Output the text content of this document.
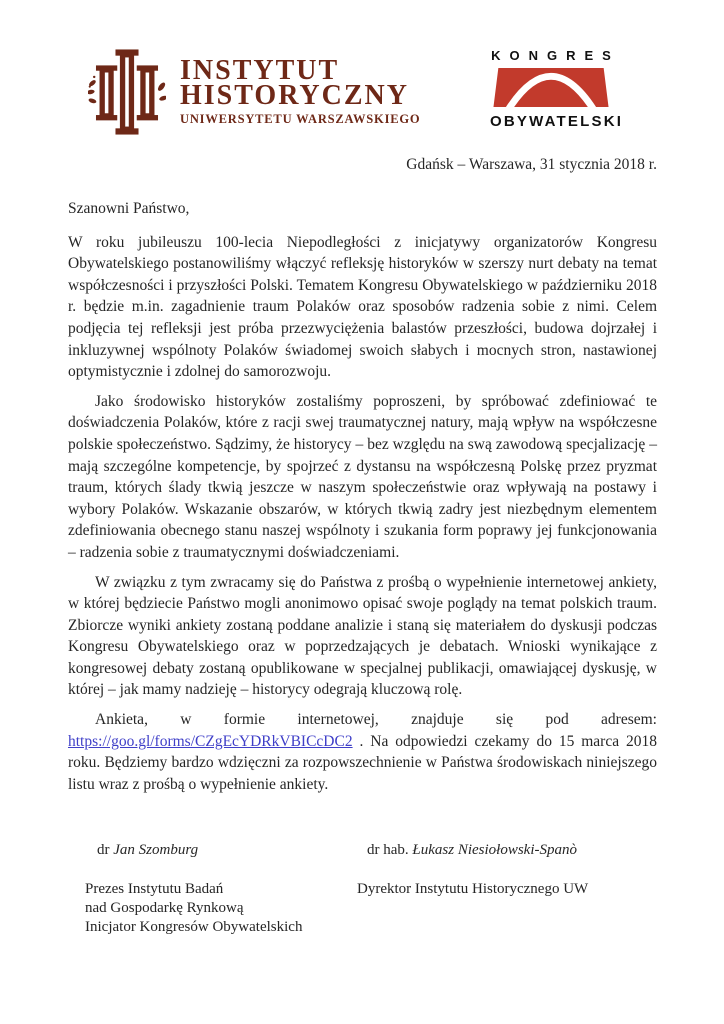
INSTYTUT
HISTORYCZNY
UNIWERSYTETU WARSZAWSKIEGO
KONGRES
OBYWATELSKI
Gdańsk – Warszawa, 31 stycznia 2018 r.

Szanowni Państwo,

W roku jubileuszu 100-lecia Niepodległości z inicjatywy organizatorów Kongresu Obywatelskiego postanowiliśmy włączyć refleksję historyków w szerszy nurt debaty na temat współczesności i przyszłości Polski. Tematem Kongresu Obywatelskiego w październiku 2018 r. będzie m.in. zagadnienie traum Polaków oraz sposobów radzenia sobie z nimi. Celem podjęcia tej refleksji jest próba przezwyciężenia balastów przeszłości, budowa dojrzałej i inkluzywnej wspólnoty Polaków świadomej swoich słabych i mocnych stron, nastawionej optymistycznie i zdolnej do samorozwoju.

Jako środowisko historyków zostaliśmy poproszeni, by spróbować zdefiniować te doświadczenia Polaków, które z racji swej traumatycznej natury, mają wpływ na współczesne polskie społeczeństwo. Sądzimy, że historycy – bez względu na swą zawodową specjalizację – mają szczególne kompetencje, by spojrzeć z dystansu na współczesną Polskę przez pryzmat traum, których ślady tkwią jeszcze w naszym społeczeństwie oraz wpływają na postawy i wybory Polaków. Wskazanie obszarów, w których tkwią zadry jest niezbędnym elementem zdefiniowania obecnego stanu naszej wspólnoty i szukania form poprawy jej funkcjonowania – radzenia sobie z traumatycznymi doświadczeniami.

W związku z tym zwracamy się do Państwa z prośbą o wypełnienie internetowej ankiety, w której będziecie Państwo mogli anonimowo opisać swoje poglądy na temat polskich traum. Zbiorcze wyniki ankiety zostaną poddane analizie i staną się materiałem do dyskusji podczas Kongresu Obywatelskiego oraz w poprzedzających je debatach. Wnioski wynikające z kongresowej debaty zostaną opublikowane w specjalnej publikacji, omawiającej dyskusję, w której – jak mamy nadzieję – historycy odegrają kluczową rolę.

Ankieta, w formie internetowej, znajduje się pod adresem: https://goo.gl/forms/CZgEcYDRkVBICcDC2 . Na odpowiedzi czekamy do 15 marca 2018 roku. Będziemy bardzo wdzięczni za rozpowszechnienie w Państwa środowiskach niniejszego listu wraz z prośbą o wypełnienie ankiety.

dr Jan Szomburg	dr hab. Łukasz Niesiołowski-Spanò
Prezes Instytutu Badań
nad Gospodarkę Rynkową
Inicjator Kongresów Obywatelskich
Dyrektor Instytutu Historycznego UW
